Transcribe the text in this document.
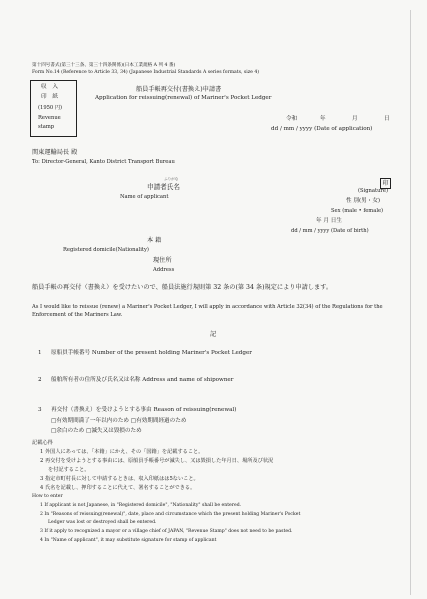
第十四号書式(第三十三条、第三十四条関係)(日本工業規格 A 列 4 番)
Form No.14 (Reference to Article 33, 34) (Japanese Industrial Standards A series formats, size 4)
収 入
印 紙
(1950 円)
Revenue
stamp
船員手帳再交付(書換え)申請書
Application for reissuing(renewal) of Mariner's Pocket Ledger
令和	年	月	日
dd / mm / yyyy (Date of application)
関東運輸局長 殿
To: Director-General, Kanto District Transport Bureau
ふりがな
申請者氏名
Name of applicant
印
(Signature)
性 別(男・女)
Sex (male • female)
年 月 日生
dd / mm / yyyy (Date of birth)
本 籍
Registered domicile(Nationality)
現住所
Address
船員手帳の再交付（書換え）を受けたいので、船員法施行規則第 32 条の(第 34 条)規定により申請します。
As I would like to reissue (renew) a Mariner's Pocket Ledger, I will apply in accordance with Article 32(34) of the Regulations for the Enforcement of the Mariners Law.
記
1 原船員手帳番号 Number of the present holding Mariner's Pocket Ledger
2 船舶所有者の住所及び氏名又は名称 Address and name of shipowner
3 再交付（書換え）を受けようとする事由 Reason of reissuing(renewal)
□有効期間満了一年以内のため □有効期間経過のため
□余白のため □滅失又は毀損のため
記載心得
1 外国人にあっては、「本籍」にかえ、その「国籍」を記載すること。
2 再交付を受けようとする事由には、原船員手帳番号が滅失し、又は毀損した年月日、場所及び状況
を付記すること。
3 指定市町村長に対して申請するときは、収入印紙はは5ないこと。
4 氏名を記載し、押印することに代えて、署名することができる。
How to enter
1 If applicant is not Japanese, in "Registered domicile", "Nationality" shall be entered.
2 In "Reasons of reissuing(renewal)", date, place and circumstance which the present holding Mariner's Pocket
Ledger was lost or destroyed shall be entered.
3 If it apply to recognized a mayor or a village chief of JAPAN, "Revenue Stamp" does not need to be pasted.
4 In "Name of applicant", it may substitute signature for stamp of applicant
